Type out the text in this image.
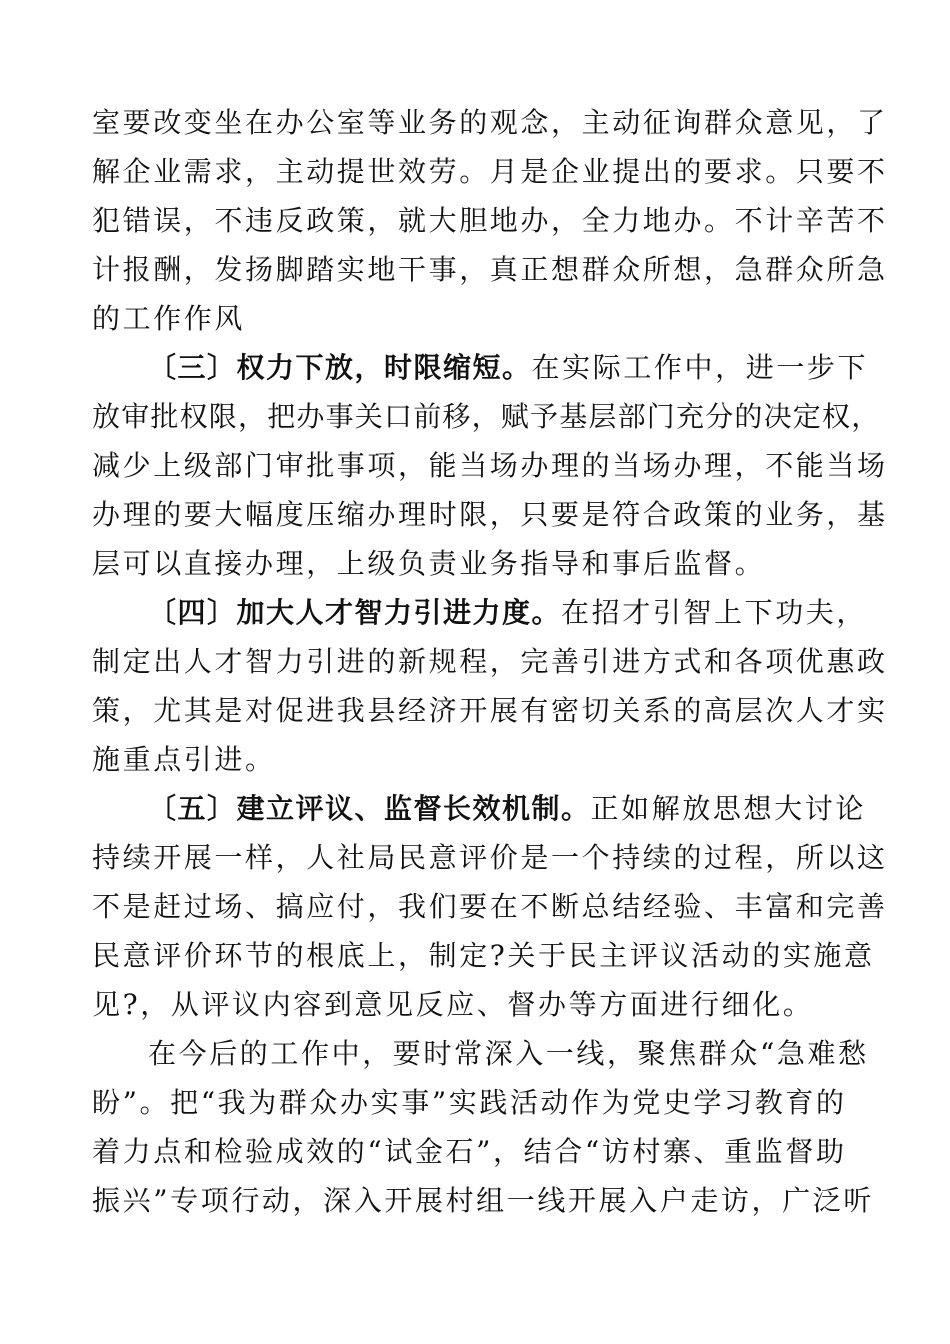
室要改变坐在办公室等业务的观念，主动征询群众意见，了
解企业需求，主动提世效劳。月是企业提出的要求。只要不
犯错误，不违反政策，就大胆地办，全力地办。不计辛苦不
计报酬，发扬脚踏实地干事，真正想群众所想，急群众所急
的工作作风
〔三〕权力下放，时限缩短。在实际工作中，进一步下
放审批权限，把办事关口前移，赋予基层部门充分的决定权，
减少上级部门审批事项，能当场办理的当场办理，不能当场
办理的要大幅度压缩办理时限，只要是符合政策的业务，基
层可以直接办理，上级负责业务指导和事后监督。
〔四〕加大人才智力引进力度。在招才引智上下功夫，
制定出人才智力引进的新规程，完善引进方式和各项优惠政
策，尤其是对促进我县经济开展有密切关系的高层次人才实
施重点引进。
〔五〕建立评议、监督长效机制。正如解放思想大讨论
持续开展一样，人社局民意评价是一个持续的过程，所以这
不是赶过场、搞应付，我们要在不断总结经验、丰富和完善
民意评价环节的根底上，制定?关于民主评议活动的实施意
见?，从评议内容到意见反应、督办等方面进行细化。
在今后的工作中，要时常深入一线，聚焦群众“急难愁
盼”。把“我为群众办实事”实践活动作为党史学习教育的
着力点和检验成效的“试金石”，结合“访村寨、重监督助
振兴”专项行动，深入开展村组一线开展入户走访，广泛听
